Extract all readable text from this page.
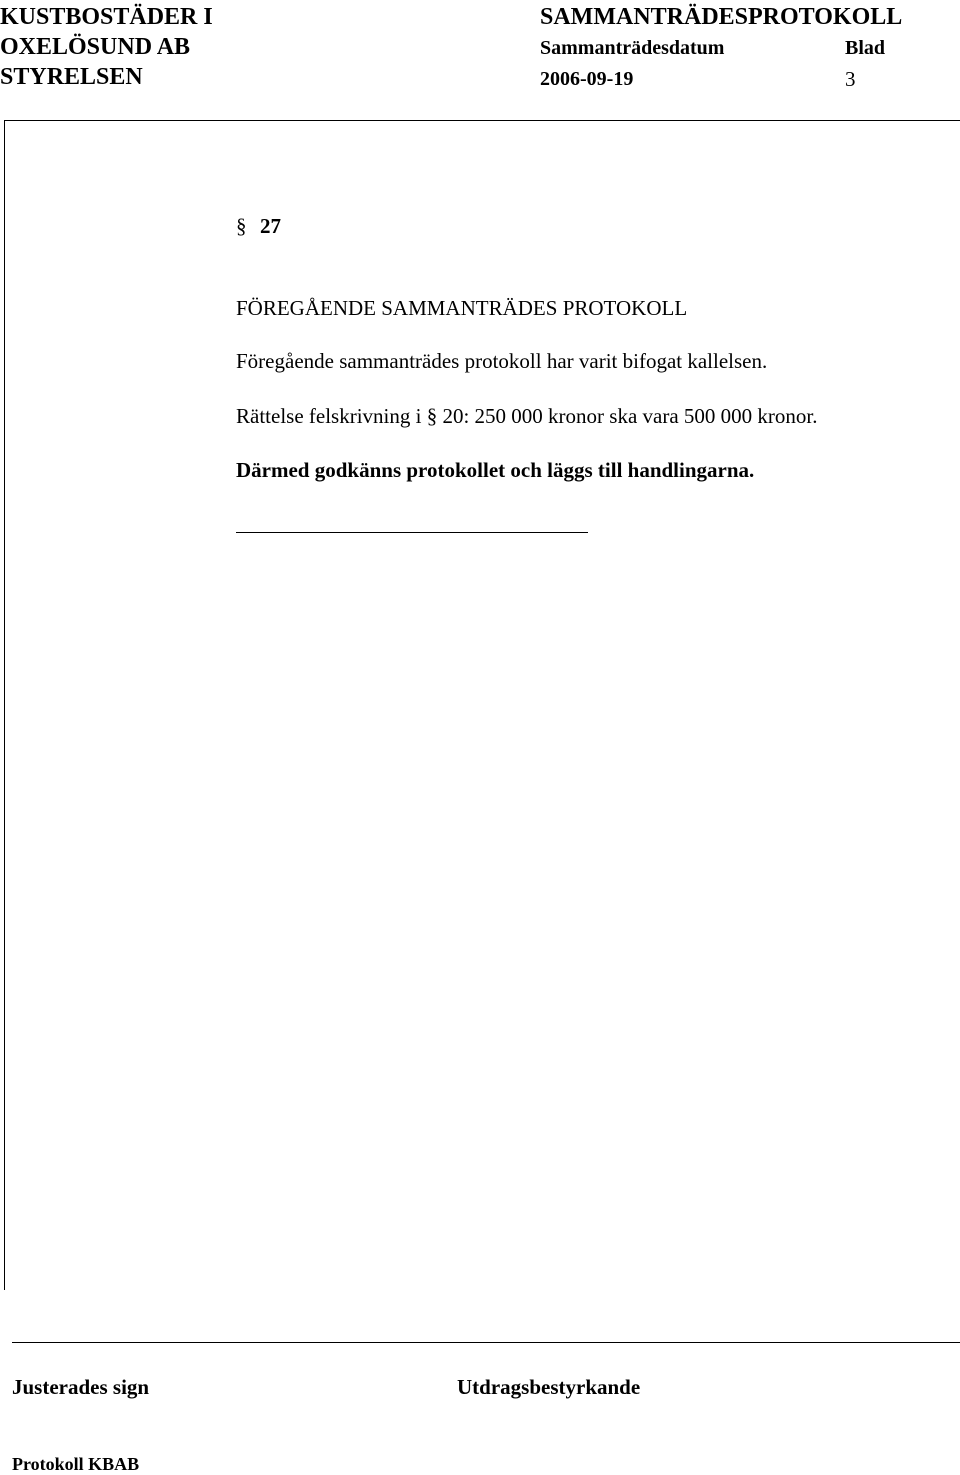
KUSTBOSTÄDER I
OXELÖSUND AB
STYRELSEN
SAMMANTRÄDESPROTOKOLL
Sammanträdesdatum	Blad
2006-09-19	3
§ 27
FÖREGÅENDE SAMMANTRÄDES PROTOKOLL
Föregående sammanträdes protokoll har varit bifogat kallelsen.
Rättelse felskrivning i § 20: 250 000 kronor ska vara 500 000 kronor.
Därmed godkänns protokollet och läggs till handlingarna.
Justerades sign	Utdragsbestyrkande
Protokoll KBAB
